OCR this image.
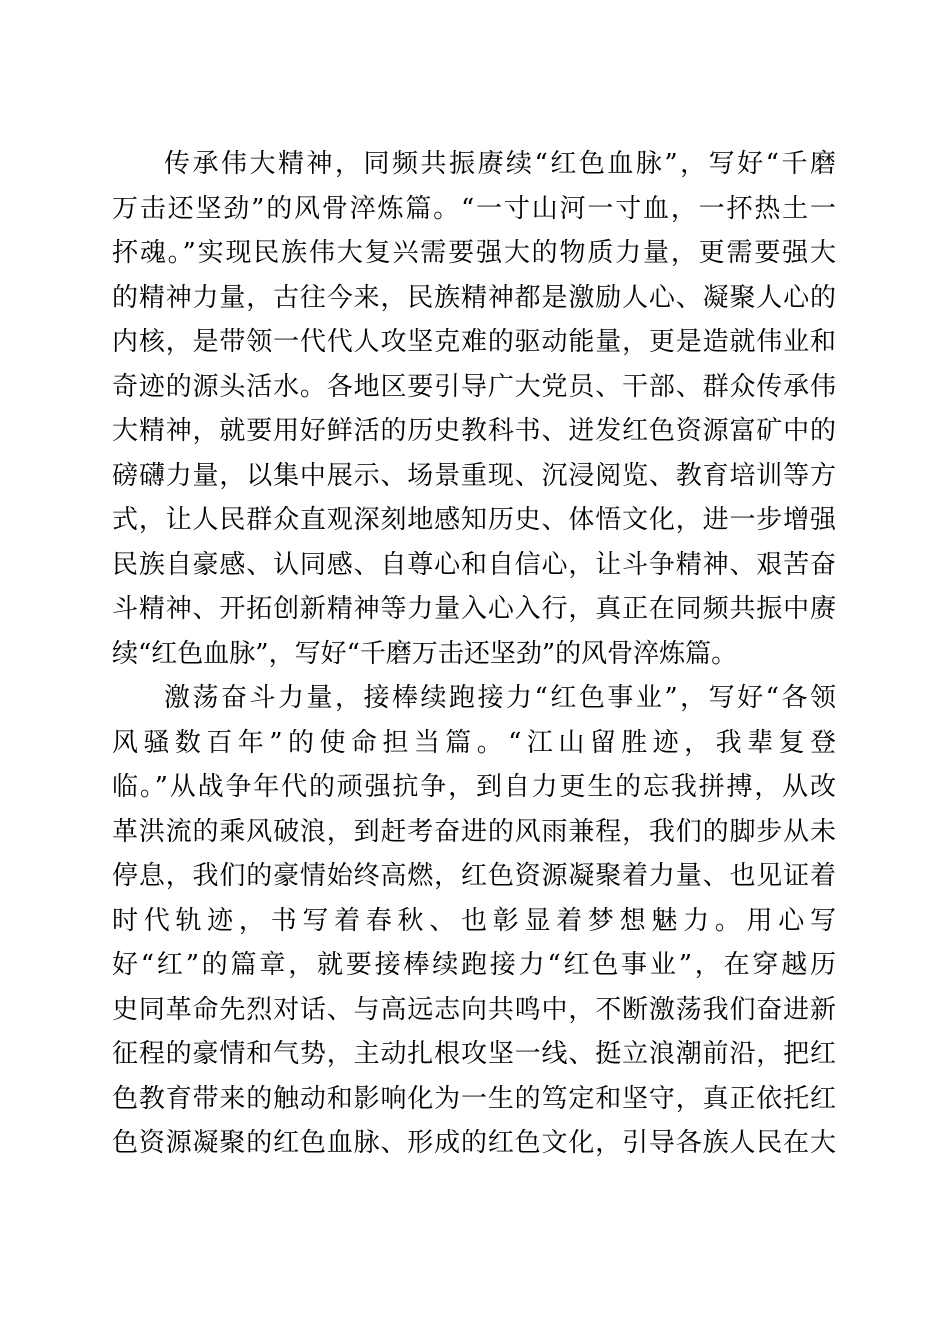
传承伟大精神，同频共振赓续“红色血脉”，写好“千磨
万击还坚劲”的风骨淬炼篇。“一寸山河一寸血，一抔热土一
抔魂。”实现民族伟大复兴需要强大的物质力量，更需要强大
的精神力量，古往今来，民族精神都是激励人心、凝聚人心的
内核，是带领一代代人攻坚克难的驱动能量，更是造就伟业和
奇迹的源头活水。各地区要引导广大党员、干部、群众传承伟
大精神，就要用好鲜活的历史教科书、迸发红色资源富矿中的
磅礴力量，以集中展示、场景重现、沉浸阅览、教育培训等方
式，让人民群众直观深刻地感知历史、体悟文化，进一步增强
民族自豪感、认同感、自尊心和自信心，让斗争精神、艰苦奋
斗精神、开拓创新精神等力量入心入行，真正在同频共振中赓
续“红色血脉”，写好“千磨万击还坚劲”的风骨淬炼篇。
激荡奋斗力量，接棒续跑接力“红色事业”，写好“各领
风骚数百年”的使命担当篇。“江山留胜迹，我辈复登
临。”从战争年代的顽强抗争，到自力更生的忘我拼搏，从改
革洪流的乘风破浪，到赶考奋进的风雨兼程，我们的脚步从未
停息，我们的豪情始终高燃，红色资源凝聚着力量、也见证着
时代轨迹，书写着春秋、也彰显着梦想魅力。用心写
好“红”的篇章，就要接棒续跑接力“红色事业”，在穿越历
史同革命先烈对话、与高远志向共鸣中，不断激荡我们奋进新
征程的豪情和气势，主动扎根攻坚一线、挺立浪潮前沿，把红
色教育带来的触动和影响化为一生的笃定和坚守，真正依托红
色资源凝聚的红色血脉、形成的红色文化，引导各族人民在大
